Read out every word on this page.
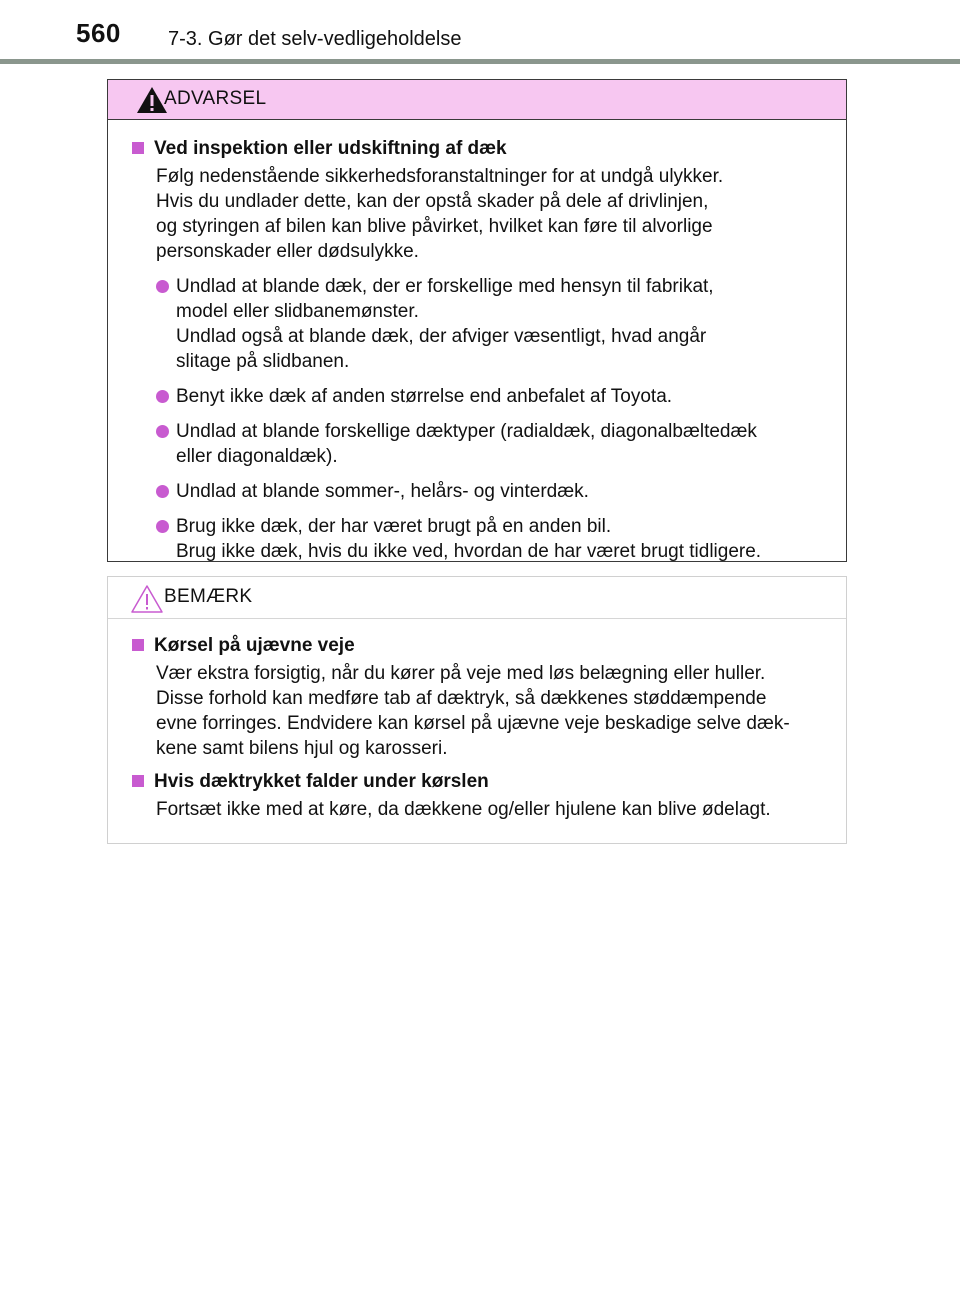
560 7-3. Gør det selv-vedligeholdelse
ADVARSEL
Ved inspektion eller udskiftning af dæk
Følg nedenstående sikkerhedsforanstaltninger for at undgå ulykker.
Hvis du undlader dette, kan der opstå skader på dele af drivlinjen,
og styringen af bilen kan blive påvirket, hvilket kan føre til alvorlige
personskader eller dødsulykke.
Undlad at blande dæk, der er forskellige med hensyn til fabrikat,
model eller slidbanemønster.
Undlad også at blande dæk, der afviger væsentligt, hvad angår
slitage på slidbanen.
Benyt ikke dæk af anden størrelse end anbefalet af Toyota.
Undlad at blande forskellige dæktyper (radialdæk, diagonalbæltedæk
eller diagonaldæk).
Undlad at blande sommer-, helårs- og vinterdæk.
Brug ikke dæk, der har været brugt på en anden bil.
Brug ikke dæk, hvis du ikke ved, hvordan de har været brugt tidligere.
BEMÆRK
Kørsel på ujævne veje
Vær ekstra forsigtig, når du kører på veje med løs belægning eller huller.
Disse forhold kan medføre tab af dæktryk, så dækkenes støddæmpende
evne forringes. Endvidere kan kørsel på ujævne veje beskadige selve dæk-
kene samt bilens hjul og karosseri.
Hvis dæktrykket falder under kørslen
Fortsæt ikke med at køre, da dækkene og/eller hjulene kan blive ødelagt.
